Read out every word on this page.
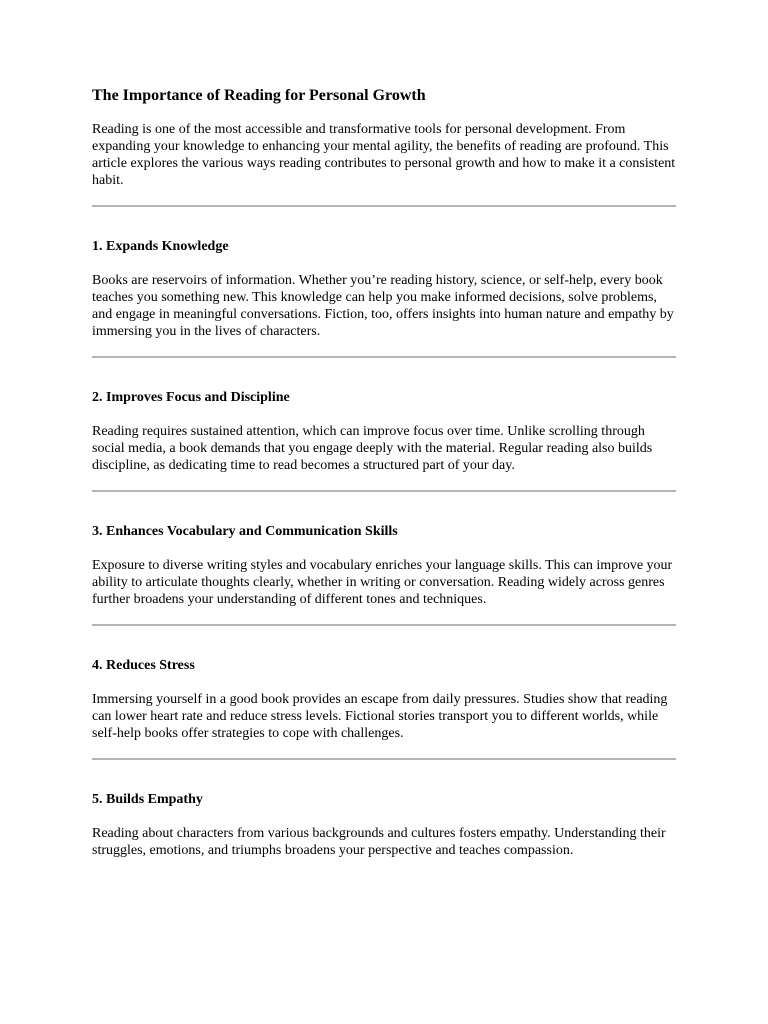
The Importance of Reading for Personal Growth

Reading is one of the most accessible and transformative tools for personal development. From expanding your knowledge to enhancing your mental agility, the benefits of reading are profound. This article explores the various ways reading contributes to personal growth and how to make it a consistent habit.

1. Expands Knowledge

Books are reservoirs of information. Whether you’re reading history, science, or self-help, every book teaches you something new. This knowledge can help you make informed decisions, solve problems, and engage in meaningful conversations. Fiction, too, offers insights into human nature and empathy by immersing you in the lives of characters.

2. Improves Focus and Discipline

Reading requires sustained attention, which can improve focus over time. Unlike scrolling through social media, a book demands that you engage deeply with the material. Regular reading also builds discipline, as dedicating time to read becomes a structured part of your day.

3. Enhances Vocabulary and Communication Skills

Exposure to diverse writing styles and vocabulary enriches your language skills. This can improve your ability to articulate thoughts clearly, whether in writing or conversation. Reading widely across genres further broadens your understanding of different tones and techniques.

4. Reduces Stress

Immersing yourself in a good book provides an escape from daily pressures. Studies show that reading can lower heart rate and reduce stress levels. Fictional stories transport you to different worlds, while self-help books offer strategies to cope with challenges.

5. Builds Empathy

Reading about characters from various backgrounds and cultures fosters empathy. Understanding their struggles, emotions, and triumphs broadens your perspective and teaches compassion.
